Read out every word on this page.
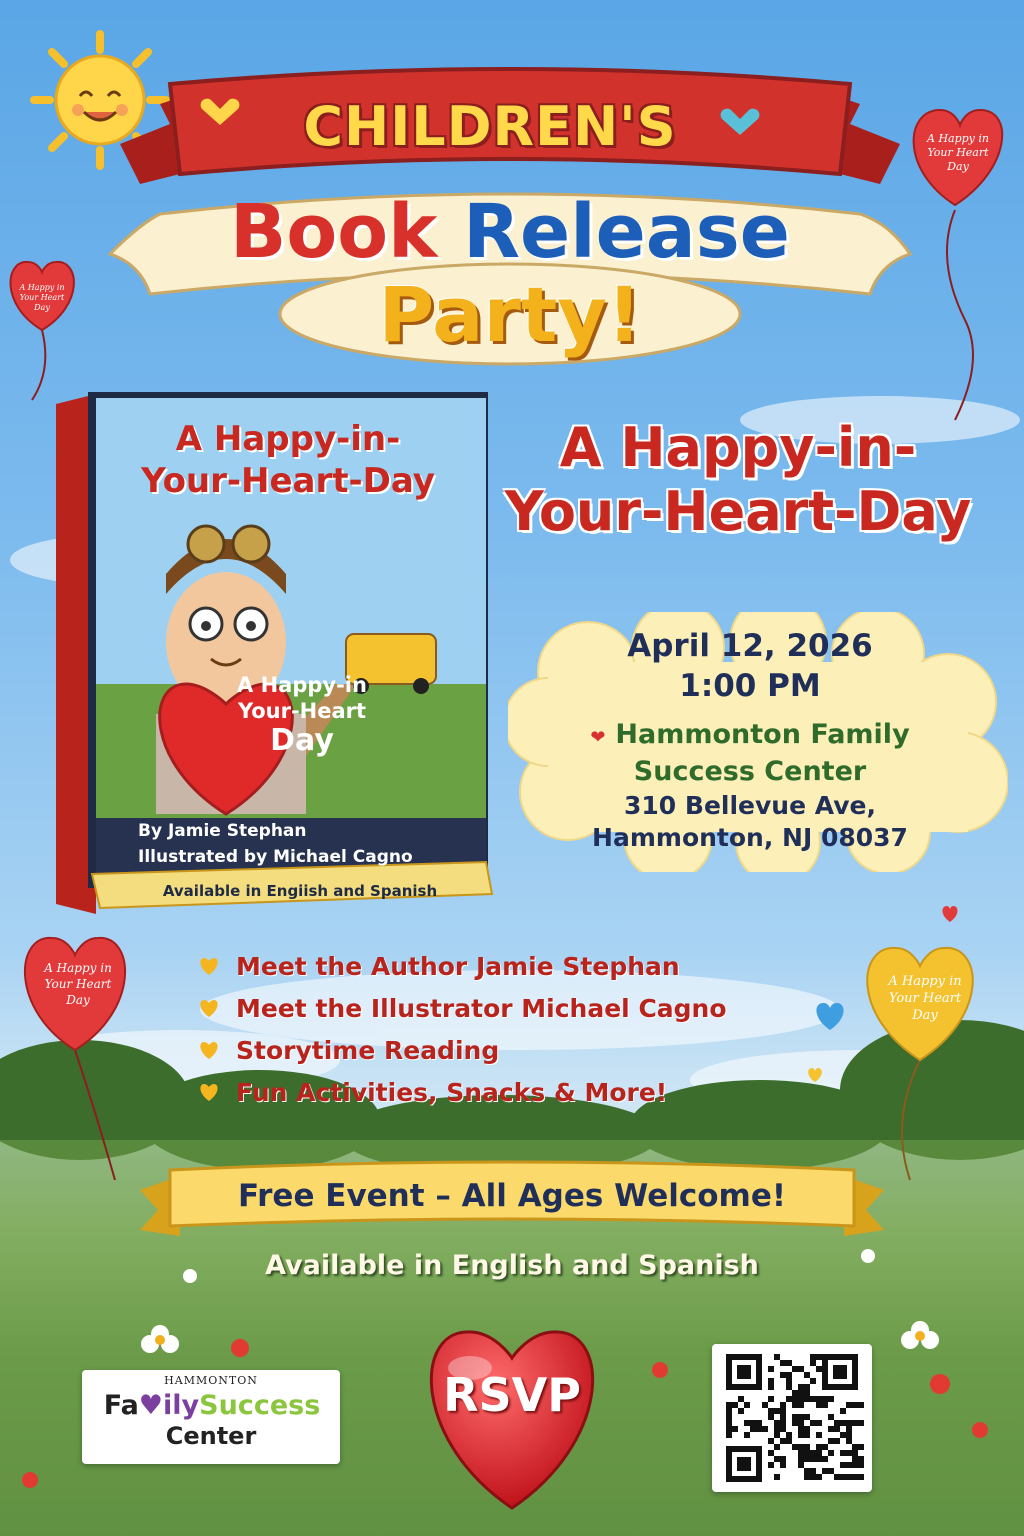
CHILDREN'S
Book Release
Party!
A Happy in
Your Heart
Day
A Happy in
Your Heart
Day
A Happy in
Your Heart
Day
A Happy in
Your Heart
Day
A Happy-in-
Your-Heart-Day
A Happy-in
Your-Heart
Day
By Jamie Stephan
Illustrated by Michael Cagno
Available in Engiish and Spanish
A Happy-in-
Your-Heart-Day
April 12, 2026
1:00 PM
❤ Hammonton Family
Success Center
310 Bellevue Ave,
Hammonton, NJ 08037
Meet the Author Jamie Stephan
Meet the Illustrator Michael Cagno
Storytime Reading
Fun Activities, Snacks & More!
Free Event – All Ages Welcome!
Available in English and Spanish
HAMMONTON
Fa♥ilySuccess
Center
RSVP
